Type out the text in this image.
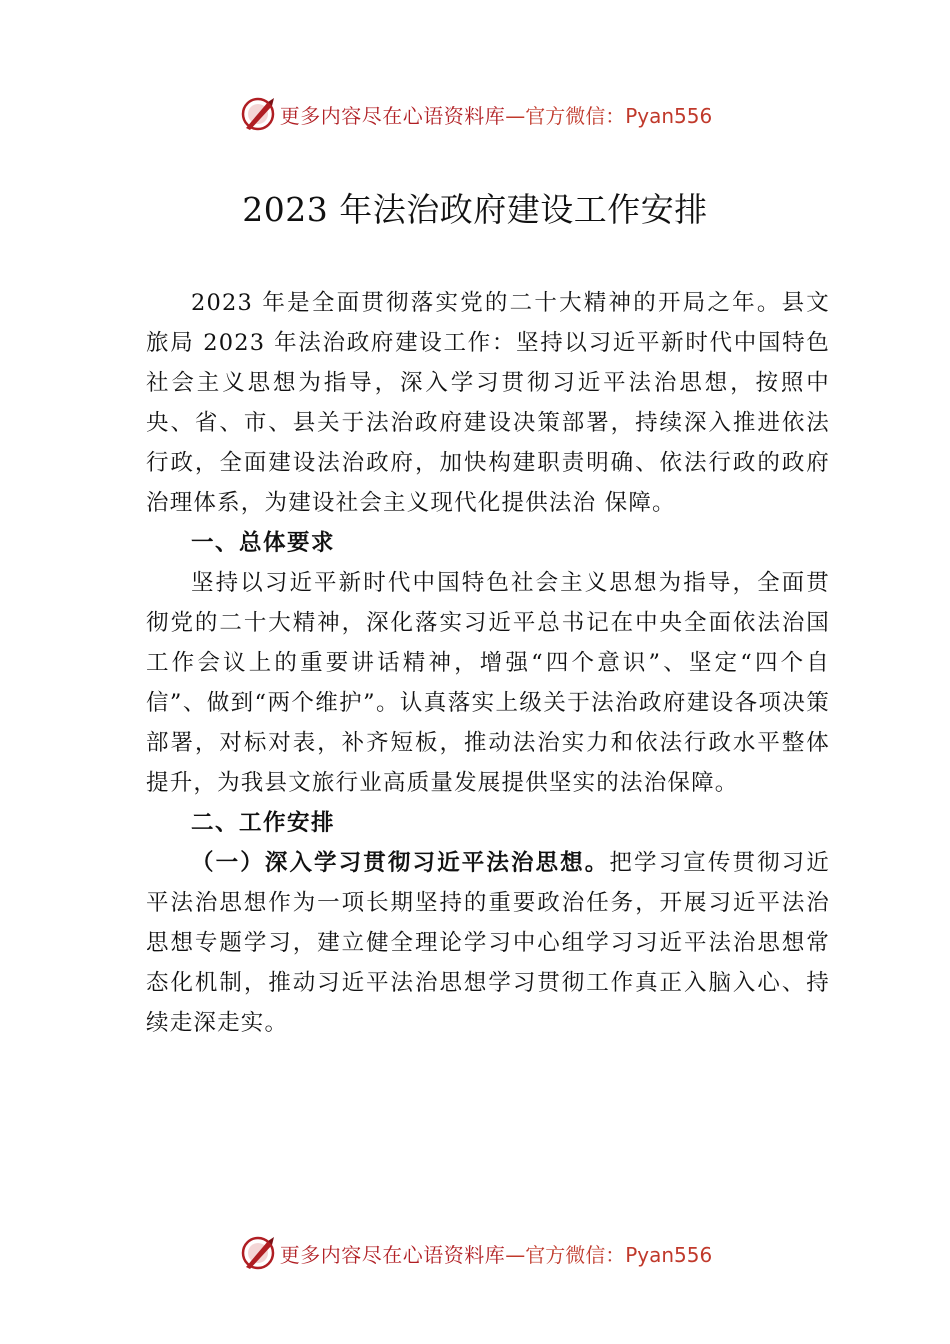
更多内容尽在心语资料库 —官方微信：Pyan556
2023 年法治政府建设工作安排

2023 年是全面贯彻落实党的二十大精神的开局之年。县文旅局 2023 年法治政府建设工作：坚持以习近平新时代中国特色社会主义思想为指导，深入学习贯彻习近平法治思想，按照中央、省、市、县关于法治政府建设决策部署，持续深入推进依法行政，全面建设法治政府，加快构建职责明确、依法行政的政府治理体系，为建设社会主义现代化提供法治 保障。

一、总体要求

坚持以习近平新时代中国特色社会主义思想为指导，全面贯彻党的二十大精神，深化落实习近平总书记在中央全面依法治国工作会议上的重要讲话精神，增强“四个意识”、坚定“四个自信”、做到“两个维护”。认真落实上级关于法治政府建设各项决策部署，对标对表，补齐短板，推动法治实力和依法行政水平整体提升，为我县文旅行业高质量发展提供坚实的法治保障。

二、工作安排

（一）深入学习贯彻习近平法治思想。把学习宣传贯彻习近平法治思想作为一项长期坚持的重要政治任务，开展习近平法治思想专题学习，建立健全理论学习中心组学习习近平法治思想常态化机制，推动习近平法治思想学习贯彻工作真正入脑入心、持续走深走实。

更多内容尽在心语资料库 —官方微信：Pyan556
